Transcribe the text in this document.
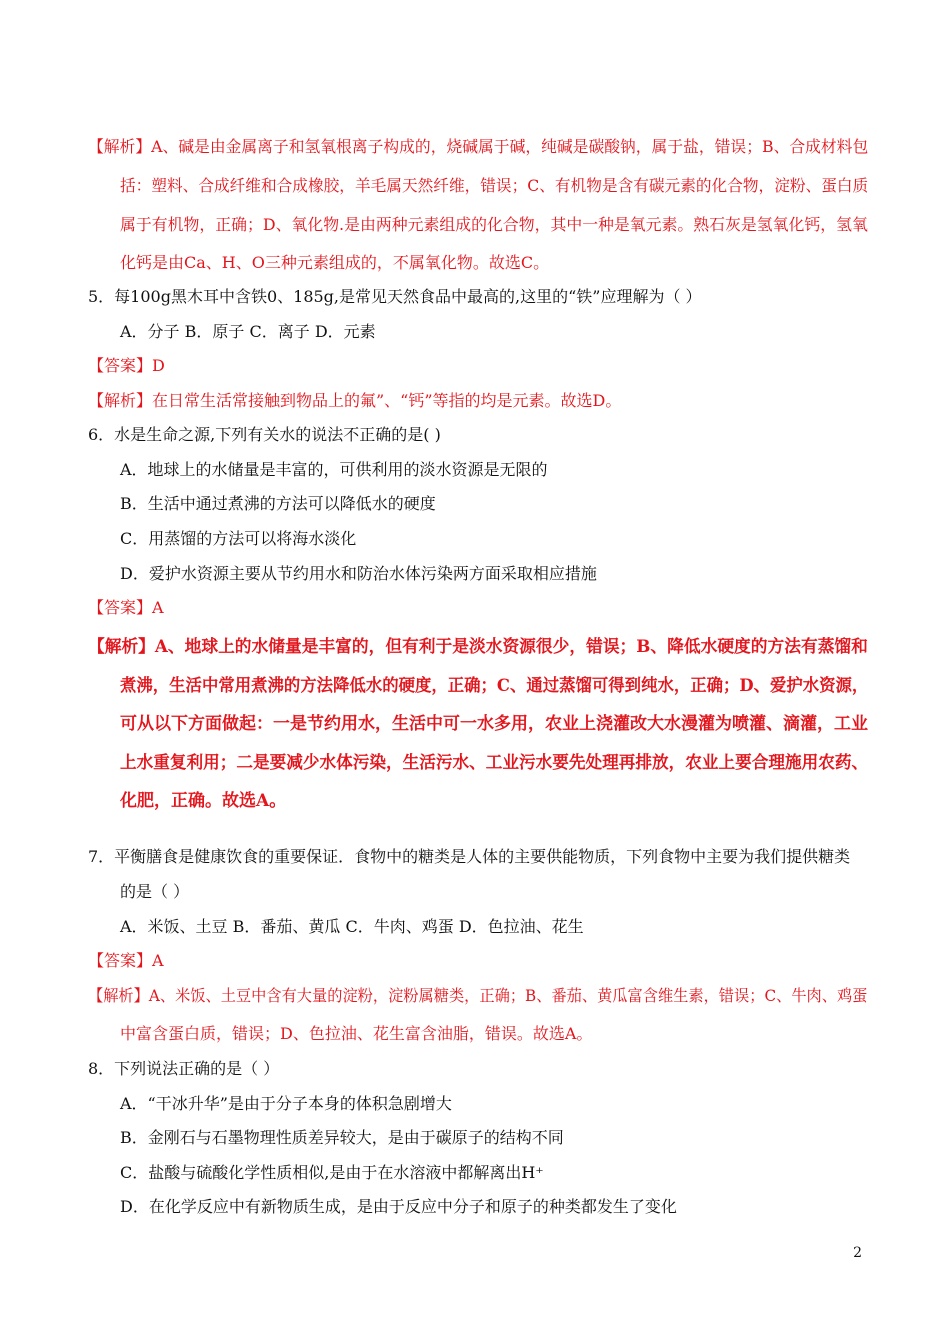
【解析】A、碱是由金属离子和氢氧根离子构成的，烧碱属于碱，纯碱是碳酸钠，属于盐，错误；B、合成材料包
括：塑料、合成纤维和合成橡胶，羊毛属天然纤维，错误；C、有机物是含有碳元素的化合物，淀粉、蛋白质
属于有机物，正确；D、氧化物.是由两种元素组成的化合物，其中一种是氧元素。熟石灰是氢氧化钙，氢氧
化钙是由Ca、H、O三种元素组成的，不属氧化物。故选C。
5．每100g黑木耳中含铁0、185g,是常见天然食品中最高的,这里的“铁”应理解为（ ）
A．分子 B．原子 C．离子 D．元素
【答案】D
【解析】在日常生活常接触到物品上的氟”、“钙”等指的均是元素。故选D。
6．水是生命之源,下列有关水的说法不正确的是( )
A．地球上的水储量是丰富的，可供利用的淡水资源是无限的
B．生活中通过煮沸的方法可以降低水的硬度
C．用蒸馏的方法可以将海水淡化
D．爱护水资源主要从节约用水和防治水体污染两方面采取相应措施
【答案】A
【解析】A、地球上的水储量是丰富的，但有利于是淡水资源很少，错误；B、降低水硬度的方法有蒸馏和
煮沸，生活中常用煮沸的方法降低水的硬度，正确；C、通过蒸馏可得到纯水，正确；D、爱护水资源，
可从以下方面做起：一是节约用水，生活中可一水多用，农业上浇灌改大水漫灌为喷灌、滴灌，工业
上水重复利用；二是要减少水体污染，生活污水、工业污水要先处理再排放，农业上要合理施用农药、
化肥，正确。故选A。
7．平衡膳食是健康饮食的重要保证．食物中的糖类是人体的主要供能物质，下列食物中主要为我们提供糖类
的是（ ）
A．米饭、土豆 B．番茄、黄瓜 C．牛肉、鸡蛋 D．色拉油、花生
【答案】A
【解析】A、米饭、土豆中含有大量的淀粉，淀粉属糖类，正确；B、番茄、黄瓜富含维生素，错误；C、牛肉、鸡蛋
中富含蛋白质，错误；D、色拉油、花生富含油脂，错误。故选A。
8．下列说法正确的是（ ）
A．“干冰升华”是由于分子本身的体积急剧增大
B．金刚石与石墨物理性质差异较大，是由于碳原子的结构不同
C．盐酸与硫酸化学性质相似,是由于在水溶液中都解离出H⁺
D．在化学反应中有新物质生成，是由于反应中分子和原子的种类都发生了变化
2
